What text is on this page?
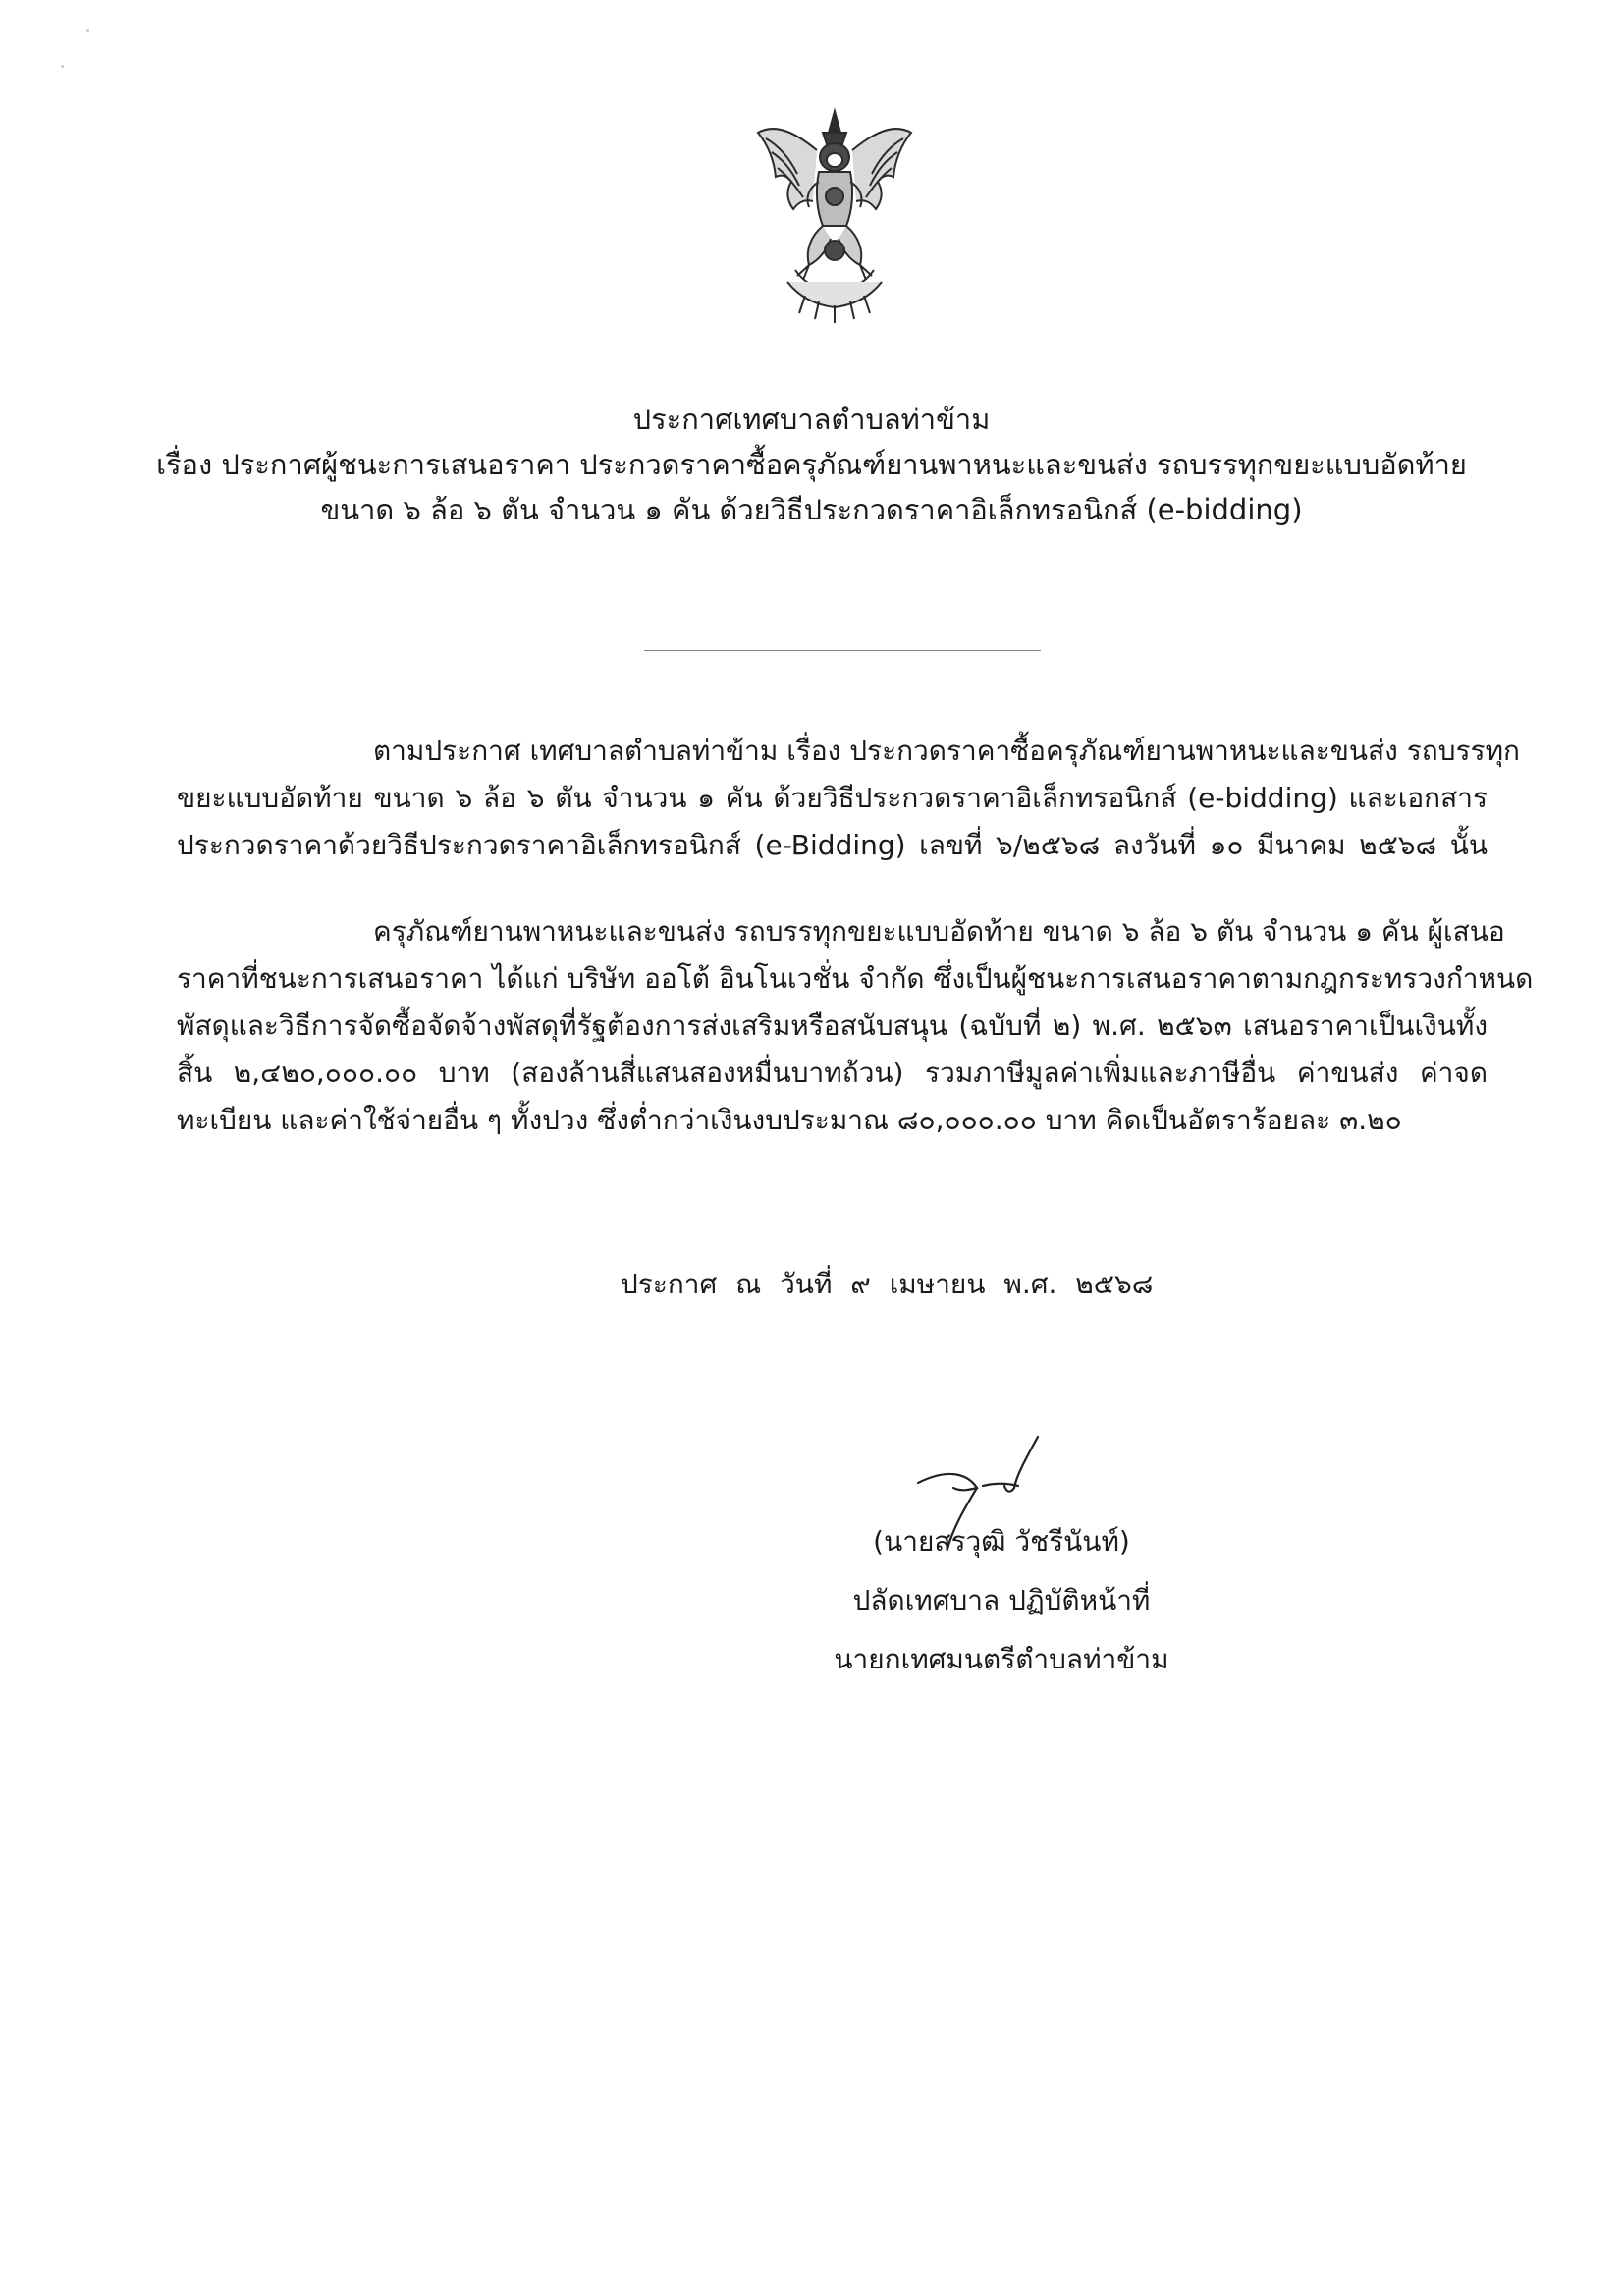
ประกาศเทศบาลตำบลท่าข้าม
เรื่อง ประกาศผู้ชนะการเสนอราคา ประกวดราคาซื้อครุภัณฑ์ยานพาหนะและขนส่ง รถบรรทุกขยะแบบอัดท้าย
ขนาด ๖ ล้อ ๖ ตัน จำนวน ๑ คัน ด้วยวิธีประกวดราคาอิเล็กทรอนิกส์ (e-bidding)
ตามประกาศ เทศบาลตำบลท่าข้าม เรื่อง ประกวดราคาซื้อครุภัณฑ์ยานพาหนะและขนส่ง รถบรรทุก
ขยะแบบอัดท้าย ขนาด ๖ ล้อ ๖ ตัน จำนวน ๑ คัน ด้วยวิธีประกวดราคาอิเล็กทรอนิกส์ (e-bidding) และเอกสาร
ประกวดราคาด้วยวิธีประกวดราคาอิเล็กทรอนิกส์ (e-Bidding) เลขที่ ๖/๒๕๖๘ ลงวันที่ ๑๐ มีนาคม ๒๕๖๘ นั้น
ครุภัณฑ์ยานพาหนะและขนส่ง รถบรรทุกขยะแบบอัดท้าย ขนาด ๖ ล้อ ๖ ตัน จำนวน ๑ คัน ผู้เสนอ
ราคาที่ชนะการเสนอราคา ได้แก่ บริษัท ออโต้ อินโนเวชั่น จำกัด ซึ่งเป็นผู้ชนะการเสนอราคาตามกฎกระทรวงกำหนด
พัสดุและวิธีการจัดซื้อจัดจ้างพัสดุที่รัฐต้องการส่งเสริมหรือสนับสนุน (ฉบับที่ ๒) พ.ศ. ๒๕๖๓ เสนอราคาเป็นเงินทั้ง
สิ้น ๒,๔๒๐,๐๐๐.๐๐ บาท (สองล้านสี่แสนสองหมื่นบาทถ้วน) รวมภาษีมูลค่าเพิ่มและภาษีอื่น ค่าขนส่ง ค่าจด
ทะเบียน และค่าใช้จ่ายอื่น ๆ ทั้งปวง ซึ่งต่ำกว่าเงินงบประมาณ ๘๐,๐๐๐.๐๐ บาท คิดเป็นอัตราร้อยละ ๓.๒๐
ประกาศ ณ วันที่ ๙ เมษายน พ.ศ. ๒๕๖๘
(นายสรวุฒิ วัชรีนันท์)
ปลัดเทศบาล ปฏิบัติหน้าที่
นายกเทศมนตรีตำบลท่าข้าม
